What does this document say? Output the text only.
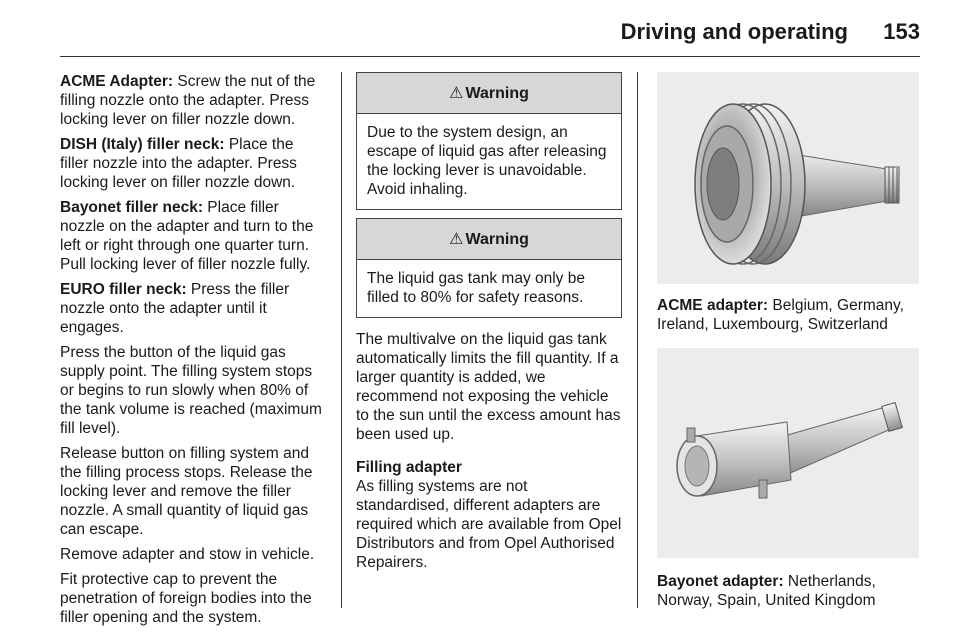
Driving and operating 153

ACME Adapter: Screw the nut of the filling nozzle onto the adapter. Press locking lever on filler nozzle down.

DISH (Italy) filler neck: Place the filler nozzle into the adapter. Press locking lever on filler nozzle down.

Bayonet filler neck: Place filler nozzle on the adapter and turn to the left or right through one quarter turn. Pull locking lever of filler nozzle fully.

EURO filler neck: Press the filler nozzle onto the adapter until it engages.

Press the button of the liquid gas supply point. The filling system stops or begins to run slowly when 80% of the tank volume is reached (maximum fill level).

Release button on filling system and the filling process stops. Release the locking lever and remove the filler nozzle. A small quantity of liquid gas can escape.

Remove adapter and stow in vehicle.

Fit protective cap to prevent the penetration of foreign bodies into the filler opening and the system.

⚠ Warning
Due to the system design, an escape of liquid gas after releasing the locking lever is unavoidable. Avoid inhaling.
⚠ Warning
The liquid gas tank may only be filled to 80% for safety reasons.

The multivalve on the liquid gas tank automatically limits the fill quantity. If a larger quantity is added, we recommend not exposing the vehicle to the sun until the excess amount has been used up.

Filling adapter
As filling systems are not standardised, different adapters are required which are available from Opel Distributors and from Opel Authorised Repairers.
ACME adapter: Belgium, Germany, Ireland, Luxembourg, Switzerland
Bayonet adapter: Netherlands, Norway, Spain, United Kingdom
